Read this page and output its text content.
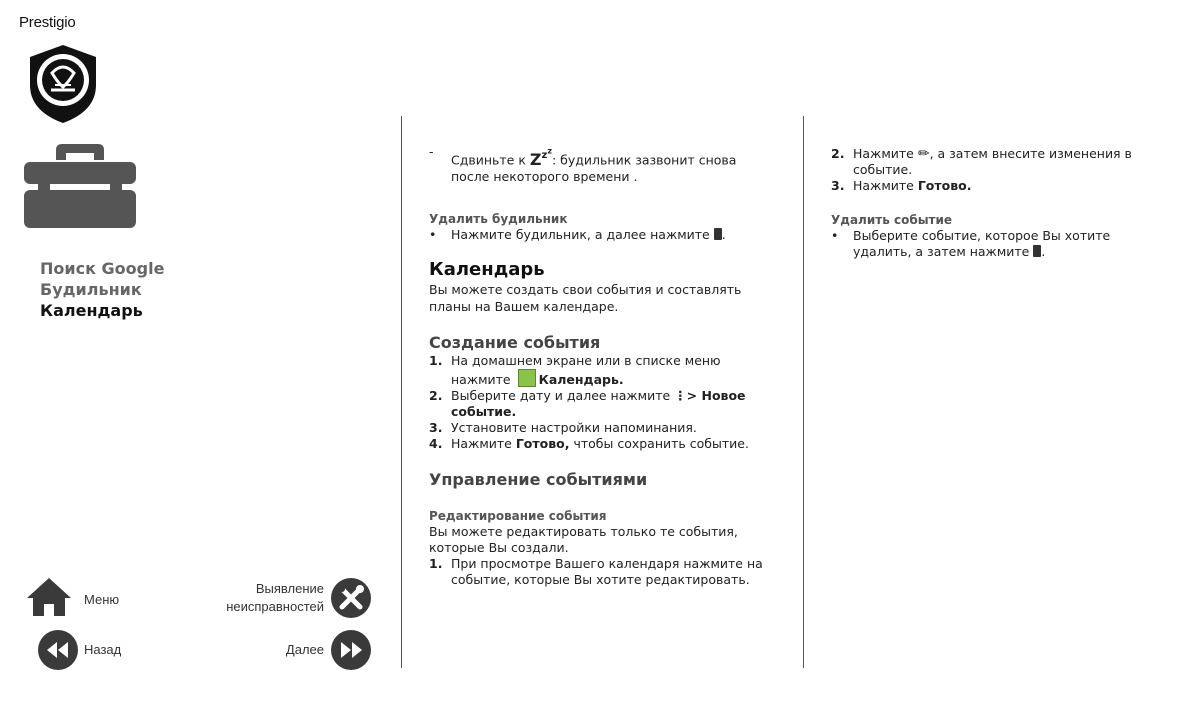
Prestigio
Поиск Google
Будильник
Календарь
Меню
Выявление
неисправностей
Назад	Далее
-
Сдвиньте к $Z^{z^z}$: будильник зазвонит снова после некоторого времени .
Удалить будильник
• Нажмите будильник, а далее нажмите .
Календарь

Вы можете создать свои события и составлять планы на Вашем календаре.

Создание события
1. На домашнем экране или в списке меню нажмите Календарь.
2. Выберите дату и далее нажмите ⋮> Новое событие.
3. Установите настройки напоминания.
4. Нажмите Готово, чтобы сохранить событие.
Управление событиями
Редактирование события

Вы можете редактировать только те события, которые Вы создали.

1. При просмотре Вашего календаря нажмите на событие, которые Вы хотите редактировать.
2. Нажмите ✏, а затем внесите изменения в событие.
3. Нажмите Готово.
Удалить событие
• Выберите событие, которое Вы хотите удалить, а затем нажмите .
